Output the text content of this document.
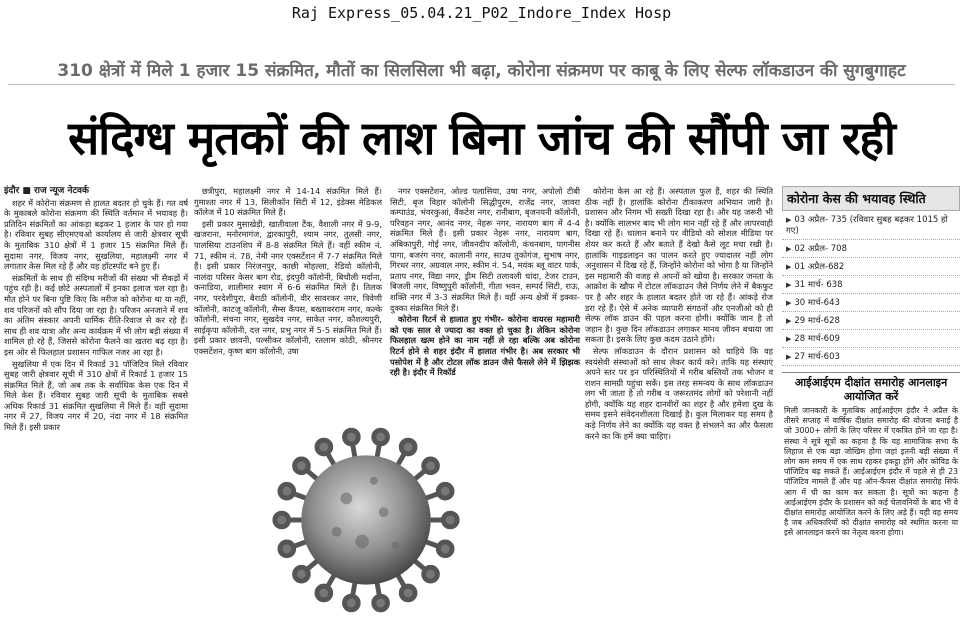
Raj Express_05.04.21_P02_Indore_Index Hosp
310 क्षेत्रों में मिले 1 हजार 15 संक्रमित, मौतों का सिलसिला भी बढ़ा, कोरोना संक्रमण पर काबू के लिए सेल्फ लॉकडाउन की सुगबुगाहट
संदिग्ध मृतकों की लाश बिना जांच की सौंपी जा रही

इंदौर ■ राज न्यूज नेटवर्क

शहर में कोरोना संक्रमण से हालत बदतर हो चुके हैं। गत वर्ष के मुकाबले कोरोना संक्रमण की स्थिति वर्तमान में भयावह है। प्रतिदिन संक्रमितों का आंकड़ा बढ़कर 1 हजार के पार हो गया है। रविवार सुबह सीएमएचओ कार्यालय से जारी क्षेत्रवार सूची के मुताबिक 310 क्षेत्रों में 1 हजार 15 संक्रमित मिले हैं। सुदामा नगर, विजय नगर, सुखलिया, महालक्ष्मी नगर में लगातार केस मिल रहे हैं और यह हॉटस्पॉट बने हुए हैं।

संक्रमितों के साथ ही संदिग्ध मरीजों की संख्या भी सैकड़ों में पहुंच रही है। कई छोटे अस्पतालों में इनका इलाज चल रहा है। मौत होने पर बिना पुष्टि किए कि मरीज को कोरोना था या नहीं, शव परिजनों को सौंप दिया जा रहा है। परिजन अनजाने में शव का अंतिम संस्कार अपनी धार्मिक रीति-रिवाज से कर रहे हैं। साथ ही शव यात्रा और अन्य कार्यक्रम में भी लोग बड़ी संख्या में शामिल हो रहे हैं, जिससे कोरोना फैलने का खतरा बढ़ रहा है। इस ओर से फिलहाल प्रशासन गाफिल नजर आ रहा है।

सुखलिया में एक दिन में रिकार्ड 31 पॉजिटिव मिले रविवार सुबह जारी क्षेत्रवार सूची में 310 क्षेत्रों में रिकार्ड 1 हजार 15 संक्रमित मिले हैं, जो अब तक के सर्वाधिक केस एक दिन में मिले केस हैं। रविवार सुबह जारी सूची के मुताबिक सबसे अधिक रिकार्ड 31 संक्रमित सुखलिया में मिले हैं। वहीं सुदामा नगर में 27, विजय नगर में 20, नंदा नगर में 18 संक्रमित मिले हैं। इसी प्रकार

छत्रीपुरा, महालक्ष्मी नगर में 14-14 संक्रमित मिले हैं। गुमाश्ता नगर में 13, सिलीकॉन सिटी में 12, इंडेक्स मेडिकल कॉलेज में 10 संक्रमित मिले हैं।

इसी प्रकार मुसाखेड़ी, खातीवाला टैंक, वैशाली नगर में 9-9, खजराना, मनोरमागंज, द्वारकापुरी, श्याम नगर, तुलसी नगर, पालसिया टाउनशिप में 8-8 संक्रमित मिले हैं। वहीं स्कीम नं. 71, स्कीम नं. 78, नेमी नगर एक्सटेंशन में 7-7 संक्रमित मिले हैं। इसी प्रकार निरंजनपुर, काछी मोहल्ला, रेडियो कॉलोनी, नालंदा परिसर केसर बाग रोड, इंदपुरी कॉलोनी, बिचौली मर्दाना, कनाडिया, शालीमार स्वाग में 6-6 संक्रमित मिले हैं। तिलक नगर, परदेशीपुरा, बैराठी कॉलोनी, वीर सावरकर नगर, त्रिवेणी कॉलोनी, काटजू कॉलोनी, सैम्स कैंपस, बख्तावरराम नगर, कल्के कॉलोनी, संचना नगर, सुखदेव नगर, साकेत नगर, कौशल्यपुरी, साईकृपा कॉलोनी, दत्त नगर, प्रभु नगर में 5-5 संक्रमित मिले हैं। इसी प्रकार छावनी, पल्सीकर कॉलोनी, रतलाम कोठी, श्रीनगर एक्सटेंशन, कृष्ण बाग कॉलोनी, उषा

नगर एक्सटेंशन, ओल्ड पलासिया, उषा नगर, अपोलो टीबी सिटी, बृज विहार कॉलोनी सिद्धीपुरम, राजेंद्र नगर, जावरा कम्पाउंड, भंवरकुआं, वैंकटेश नगर, रानीबाग, बृजनयनी कॉलोनी, परिवहन नगर, आनंद नगर, नेहरू नगर, नारायण बाग में 4-4 संक्रमित मिले हैं। इसी प्रकार नेहरू नगर, नारायण बाग, अंबिकापुरी, गोई नगर, जीवनदीप कॉलोनी, कंचनबाग, पागनीस पागा, बजरंग नगर, कालानी नगर, साउथ तुकोगंज, सुभाष नगर, गिरधर नगर, अग्रवाल नगर, स्कीम नं. 54, मयंक ब्लू वाटर पार्क, प्रताप नगर, विद्या नगर, ड्रीम सिटी तलावली चांदा, टेजर टाउन, बिजली नगर, विष्णुपुरी कॉलोनी, गीता भवन, सम्पर्द सिटी, राऊ, शक्ति नगर में 3-3 संक्रमित मिले हैं। वहीं अन्य क्षेत्रों में इक्का-दुक्का संक्रमित मिले हैं।

कोरोना रिटर्न से हालात हुए गंभीर- कोरोना वायरस महामारी को एक साल से ज्यादा का वक्त हो चुका है। लेकिन कोरोना फिलहाल खत्म होने का नाम नहीं ले रहा बल्कि अब कोरोना रिटर्न होने से शहर इंदौर में हालात गंभीर है। अब सरकार भी पसोपेश में है और टोटल लॉक डाउन जैसे फैसले लेने में झिझक रही है। इंदौर में रिकॉर्ड

कोरोना केस आ रहे हैं। अस्पताल फुल हैं, शहर की स्थिति ठीक नहीं है। हालांकि कोरोना टीकाकरण अभियान जारी है। प्रशासन और निगम भी सख्ती दिखा रहा है। और यह जरूरी भी है। क्योंकि सालभर बाद भी लोग मान नहीं रहे हैं और लापरवाही दिखा रहे हैं। चालान बनाने पर वीडियो को सोशल मीडिया पर शेयर कर करते हैं और बताते हैं देखो कैसे लूट मचा रखी है। हालांकि गाइडलाइन का पालन करते हुए ज्यादातर नहीं लोग अनुशासन में दिख रहे हैं, जिन्होंने कोरोना को भोगा है या जिन्होंने इस महामारी की वजह से अपनों को खोया है। सरकार जनता के आक्रोश के खौफ में टोटल लॉकडाउन जैसे निर्णय लेने में बैकफुट पर है और शहर के हालात बदतर होते जा रहे हैं। आंकड़े रोज डरा रहे हैं। ऐसे में अनेक व्यापारी संगठनों और एनजीओ को ही सेल्फ लॉक डाउन की पहल करना होगी। क्योंकि जान है तो जहान है। कुछ दिन लॉकडाउन लगाकर मानव जीवन बचाया जा सकता है। इसके लिए कुछ कदम उठाने होंगे।

सेल्फ लॉकडाउन के दौरान प्रशासन को चाहिये कि वह स्वयंसेवी संस्थाओं को साथ लेकर कार्य करे। ताकि यह संस्थाएं अपने स्तर पर इन परिस्थितियों में गरीब बस्तियों तक भोजन व राशन सामग्री पहुंचा सकें। इस तरह समन्वय के साथ लॉकडाउन लग भी जाता है तो गरीब व जरूरतमंद लोगों को परेशानी नहीं होगी, क्योंकि यह शहर दानवीरों का शहर है और हमेशा दुख के समय इसने संवेदनशीलता दिखाई है। कुल मिलाकर यह समय है कड़े निर्णय लेने का क्योंकि यह वक्त है संभलने का और फैसला करने का कि हमें क्या चाहिए।

कोरोना केस की भयावह स्थिति
▶ 03 अप्रैल- 735 (रविवार सुबह बढ़कर 1015 हो गए)
▶ 02 अप्रैल- 708
▶ 01 अप्रैल-682
▶ 31 मार्च- 638
▶ 30 मार्च-643
▶ 29 मार्च-628
▶ 28 मार्च-609
▶ 27 मार्च-603
आईआईएम दीक्षांत समारोह आनलाइन आयोजित करें
मिली जानकारी के मुताबिक आईआईएम इंदौर ने अप्रैल के तीसरे सप्ताह में वार्षिक दीक्षांत समारोह की योजना बनाई है जो 3000+ लोगों के लिए परिसर में एकत्रित होने जा रहा है। संस्था ने सूत्रे सूत्रों का कहना है कि यह सामाजिक सभा के लिहाज से एक बड़ा जोखिम होगा जहां इतनी बड़ी संख्या में लोग कम समय में एक साथ रहकर इकट्ठा होंगे और कोविड के पॉजिटिव बढ़ सकते हैं। आईआईएम इंदौर में पहले से ही 23 पॉजिटिव मामले हैं और यह ऑन-कैंपस दीक्षांत समारोह सिर्फ आग में घी का काम कर सकता है। सूत्रों का कहना है आईआईएम इंदौर के प्रशासन को कई चेतावनियों के बाद भी वे दीक्षांत समारोह आयोजित करने के लिए अड़े हैं। यही वह समय है जब अधिकारियों को दीक्षांत समारोह को स्थगित करना या इसे आनलाइन करने का नेतृत्व करना होगा।
